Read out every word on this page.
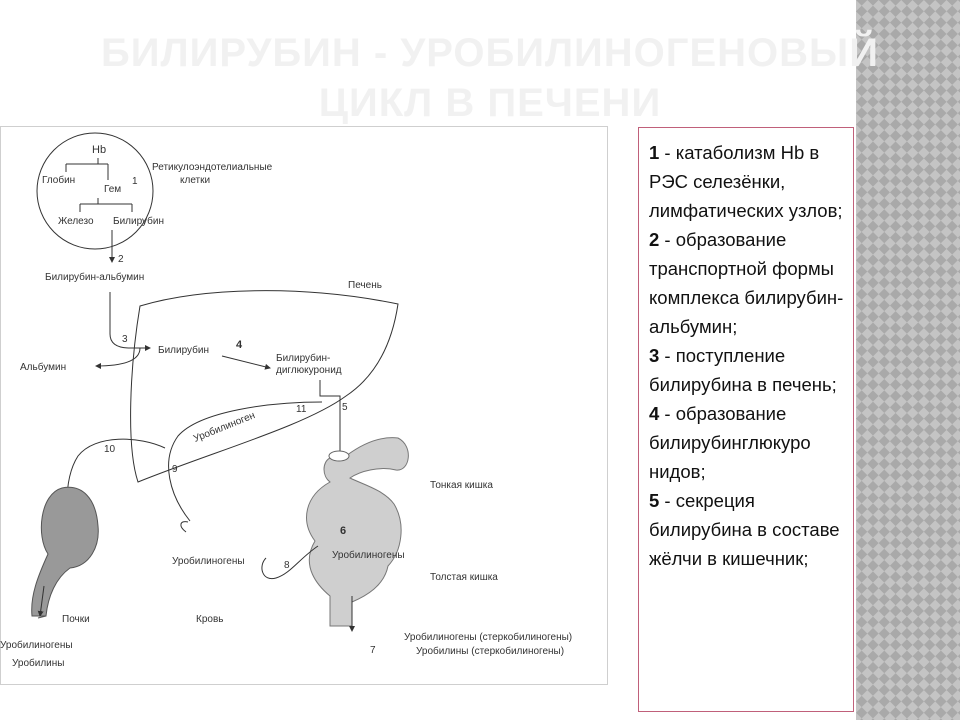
БИЛИРУБИН - УРОБИЛИНОГЕНОВЫЙ
ЦИКЛ В ПЕЧЕНИ
Hb
Глобин
Гем
1
Железо Билирубин
Ретикулоэндотелиальные
клетки
2
Билирубин-альбумин
Печень
3
Альбумин
Билирубин 4
Билирубин-
диглюкуронид
5
11
Уробилиноген
9
10
Тонкая кишка
6
Уробилиногены
Толстая кишка
7
Уробилиногены (стеркобилиногены)
Уробилины (стеркобилиногены)
8
Уробилиногены
Кровь
Почки
Уробилиногены
Уробилины
1 - катаболизм Hb в РЭС селезёнки, лимфатических узлов;
2 - образование транспортной формы комплекса билирубин-альбумин;
3 - поступление билирубина в печень;
4 - образование билирубинглюкуро нидов;
5 - секреция билирубина в составе жёлчи в кишечник;
